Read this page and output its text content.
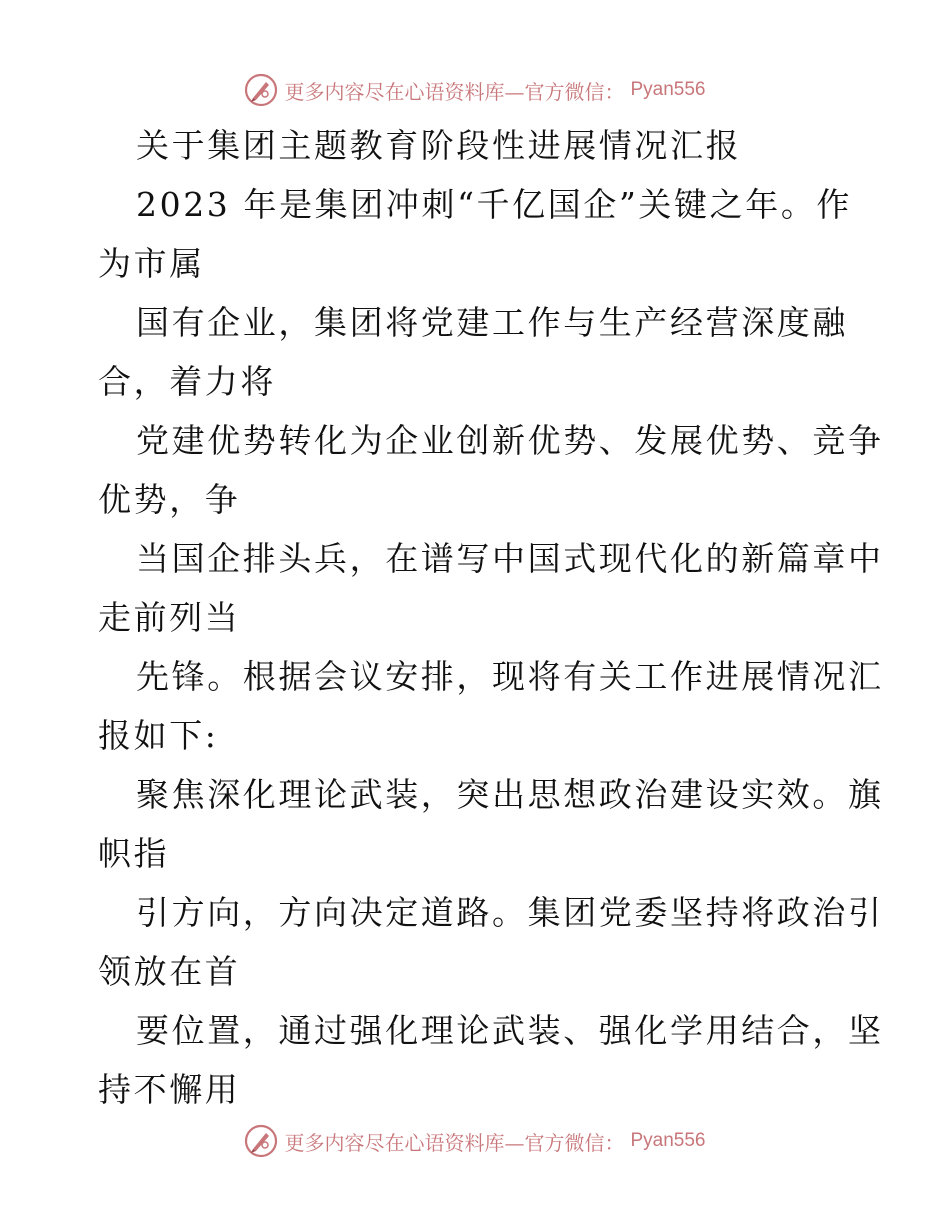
更多内容尽在心语资料库—官方微信： Pyan556

关于集团主题教育阶段性进展情况汇报

2023 年是集团冲刺“千亿国企”关键之年。作

为市属

国有企业，集团将党建工作与生产经营深度融

合，着力将

党建优势转化为企业创新优势、发展优势、竞争

优势，争

当国企排头兵，在谱写中国式现代化的新篇章中

走前列当

先锋。根据会议安排，现将有关工作进展情况汇

报如下:

聚焦深化理论武装，突出思想政治建设实效。旗

帜指

引方向，方向决定道路。集团党委坚持将政治引

领放在首

要位置，通过强化理论武装、强化学用结合，坚

持不懈用

更多内容尽在心语资料库—官方微信： Pyan556
